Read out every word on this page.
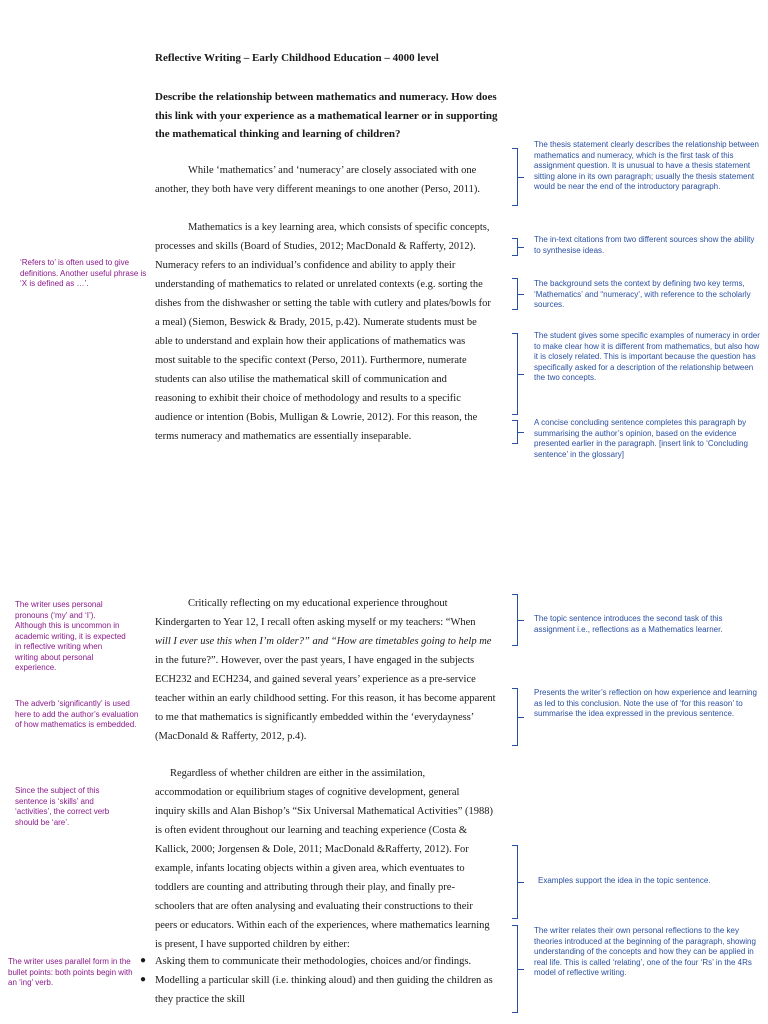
Reflective Writing – Early Childhood Education – 4000 level
Describe the relationship between mathematics and numeracy. How does this link with your experience as a mathematical learner or in supporting the mathematical thinking and learning of children?
While ‘mathematics’ and ‘numeracy’ are closely associated with one
another, they both have very different meanings to one another (Perso, 2011).
Mathematics is a key learning area, which consists of specific concepts,
processes and skills (Board of Studies, 2012; MacDonald & Rafferty, 2012).
Numeracy refers to an individual’s confidence and ability to apply their
understanding of mathematics to related or unrelated contexts (e.g. sorting the
dishes from the dishwasher or setting the table with cutlery and plates/bowls for
a meal) (Siemon, Beswick & Brady, 2015, p.42). Numerate students must be
able to understand and explain how their applications of mathematics was
most suitable to the specific context (Perso, 2011). Furthermore, numerate
students can also utilise the mathematical skill of communication and
reasoning to exhibit their choice of methodology and results to a specific
audience or intention (Bobis, Mulligan & Lowrie, 2012). For this reason, the
terms numeracy and mathematics are essentially inseparable.
Critically reflecting on my educational experience throughout
Kindergarten to Year 12, I recall often asking myself or my teachers: “When
will I ever use this when I’m older?” and “How are timetables going to help me
in the future?”. However, over the past years, I have engaged in the subjects
ECH232 and ECH234, and gained several years’ experience as a pre-service
teacher within an early childhood setting. For this reason, it has become apparent
to me that mathematics is significantly embedded within the ‘everydayness’
(MacDonald & Rafferty, 2012, p.4).
Regardless of whether children are either in the assimilation,
accommodation or equilibrium stages of cognitive development, general
inquiry skills and Alan Bishop’s “Six Universal Mathematical Activities” (1988)
is often evident throughout our learning and teaching experience (Costa &
Kallick, 2000; Jorgensen & Dole, 2011; MacDonald &Rafferty, 2012). For
example, infants locating objects within a given area, which eventuates to
toddlers are counting and attributing through their play, and finally pre-
schoolers that are often analysing and evaluating their constructions to their
peers or educators. Within each of the experiences, where mathematics learning
is present, I have supported children by either:
● Asking them to communicate their methodologies, choices and/or findings.
● Modelling a particular skill (i.e. thinking aloud) and then guiding the children as
they practice the skill
The thesis statement clearly describes the relationship between mathematics and numeracy, which is the first task of this assignment question. It is unusual to have a thesis statement sitting alone in its own paragraph; usually the thesis statement would be near the end of the introductory paragraph.
The in-text citations from two different sources show the ability to synthesise ideas.
The background sets the context by defining two key terms, ‘Mathematics’ and “numeracy’, with reference to the scholarly sources.
The student gives some specific examples of numeracy in order to make clear how it is different from mathematics, but also how it is closely related. This is important because the question has specifically asked for a description of the relationship between the two concepts.
A concise concluding sentence completes this paragraph by summarising the author’s opinion, based on the evidence presented earlier in the paragraph. [insert link to ‘Concluding sentence’ in the glossary]
The topic sentence introduces the second task of this assignment i.e., reflections as a Mathematics learner.
Presents the writer’s reflection on how experience and learning as led to this conclusion. Note the use of ‘for this reason’ to summarise the idea expressed in the previous sentence.
Examples support the idea in the topic sentence.
The writer relates their own personal reflections to the key theories introduced at the beginning of the paragraph, showing understanding of the concepts and how they can be applied in real life. This is called ‘relating’, one of the four ‘Rs’ in the 4Rs model of reflective writing.
‘Refers to’ is often used to give definitions. Another useful phrase is ‘X is defined as …’.
The writer uses personal pronouns (‘my’ and ‘I’). Although this is uncommon in academic writing, it is expected in reflective writing when writing about personal experience.
The adverb ‘significantly’ is used here to add the author’s evaluation of how mathematics is embedded.
Since the subject of this sentence is ‘skills’ and ‘activities’, the correct verb should be ‘are’.
The writer uses parallel form in the bullet points: both points begin with an ‘ing’ verb.
